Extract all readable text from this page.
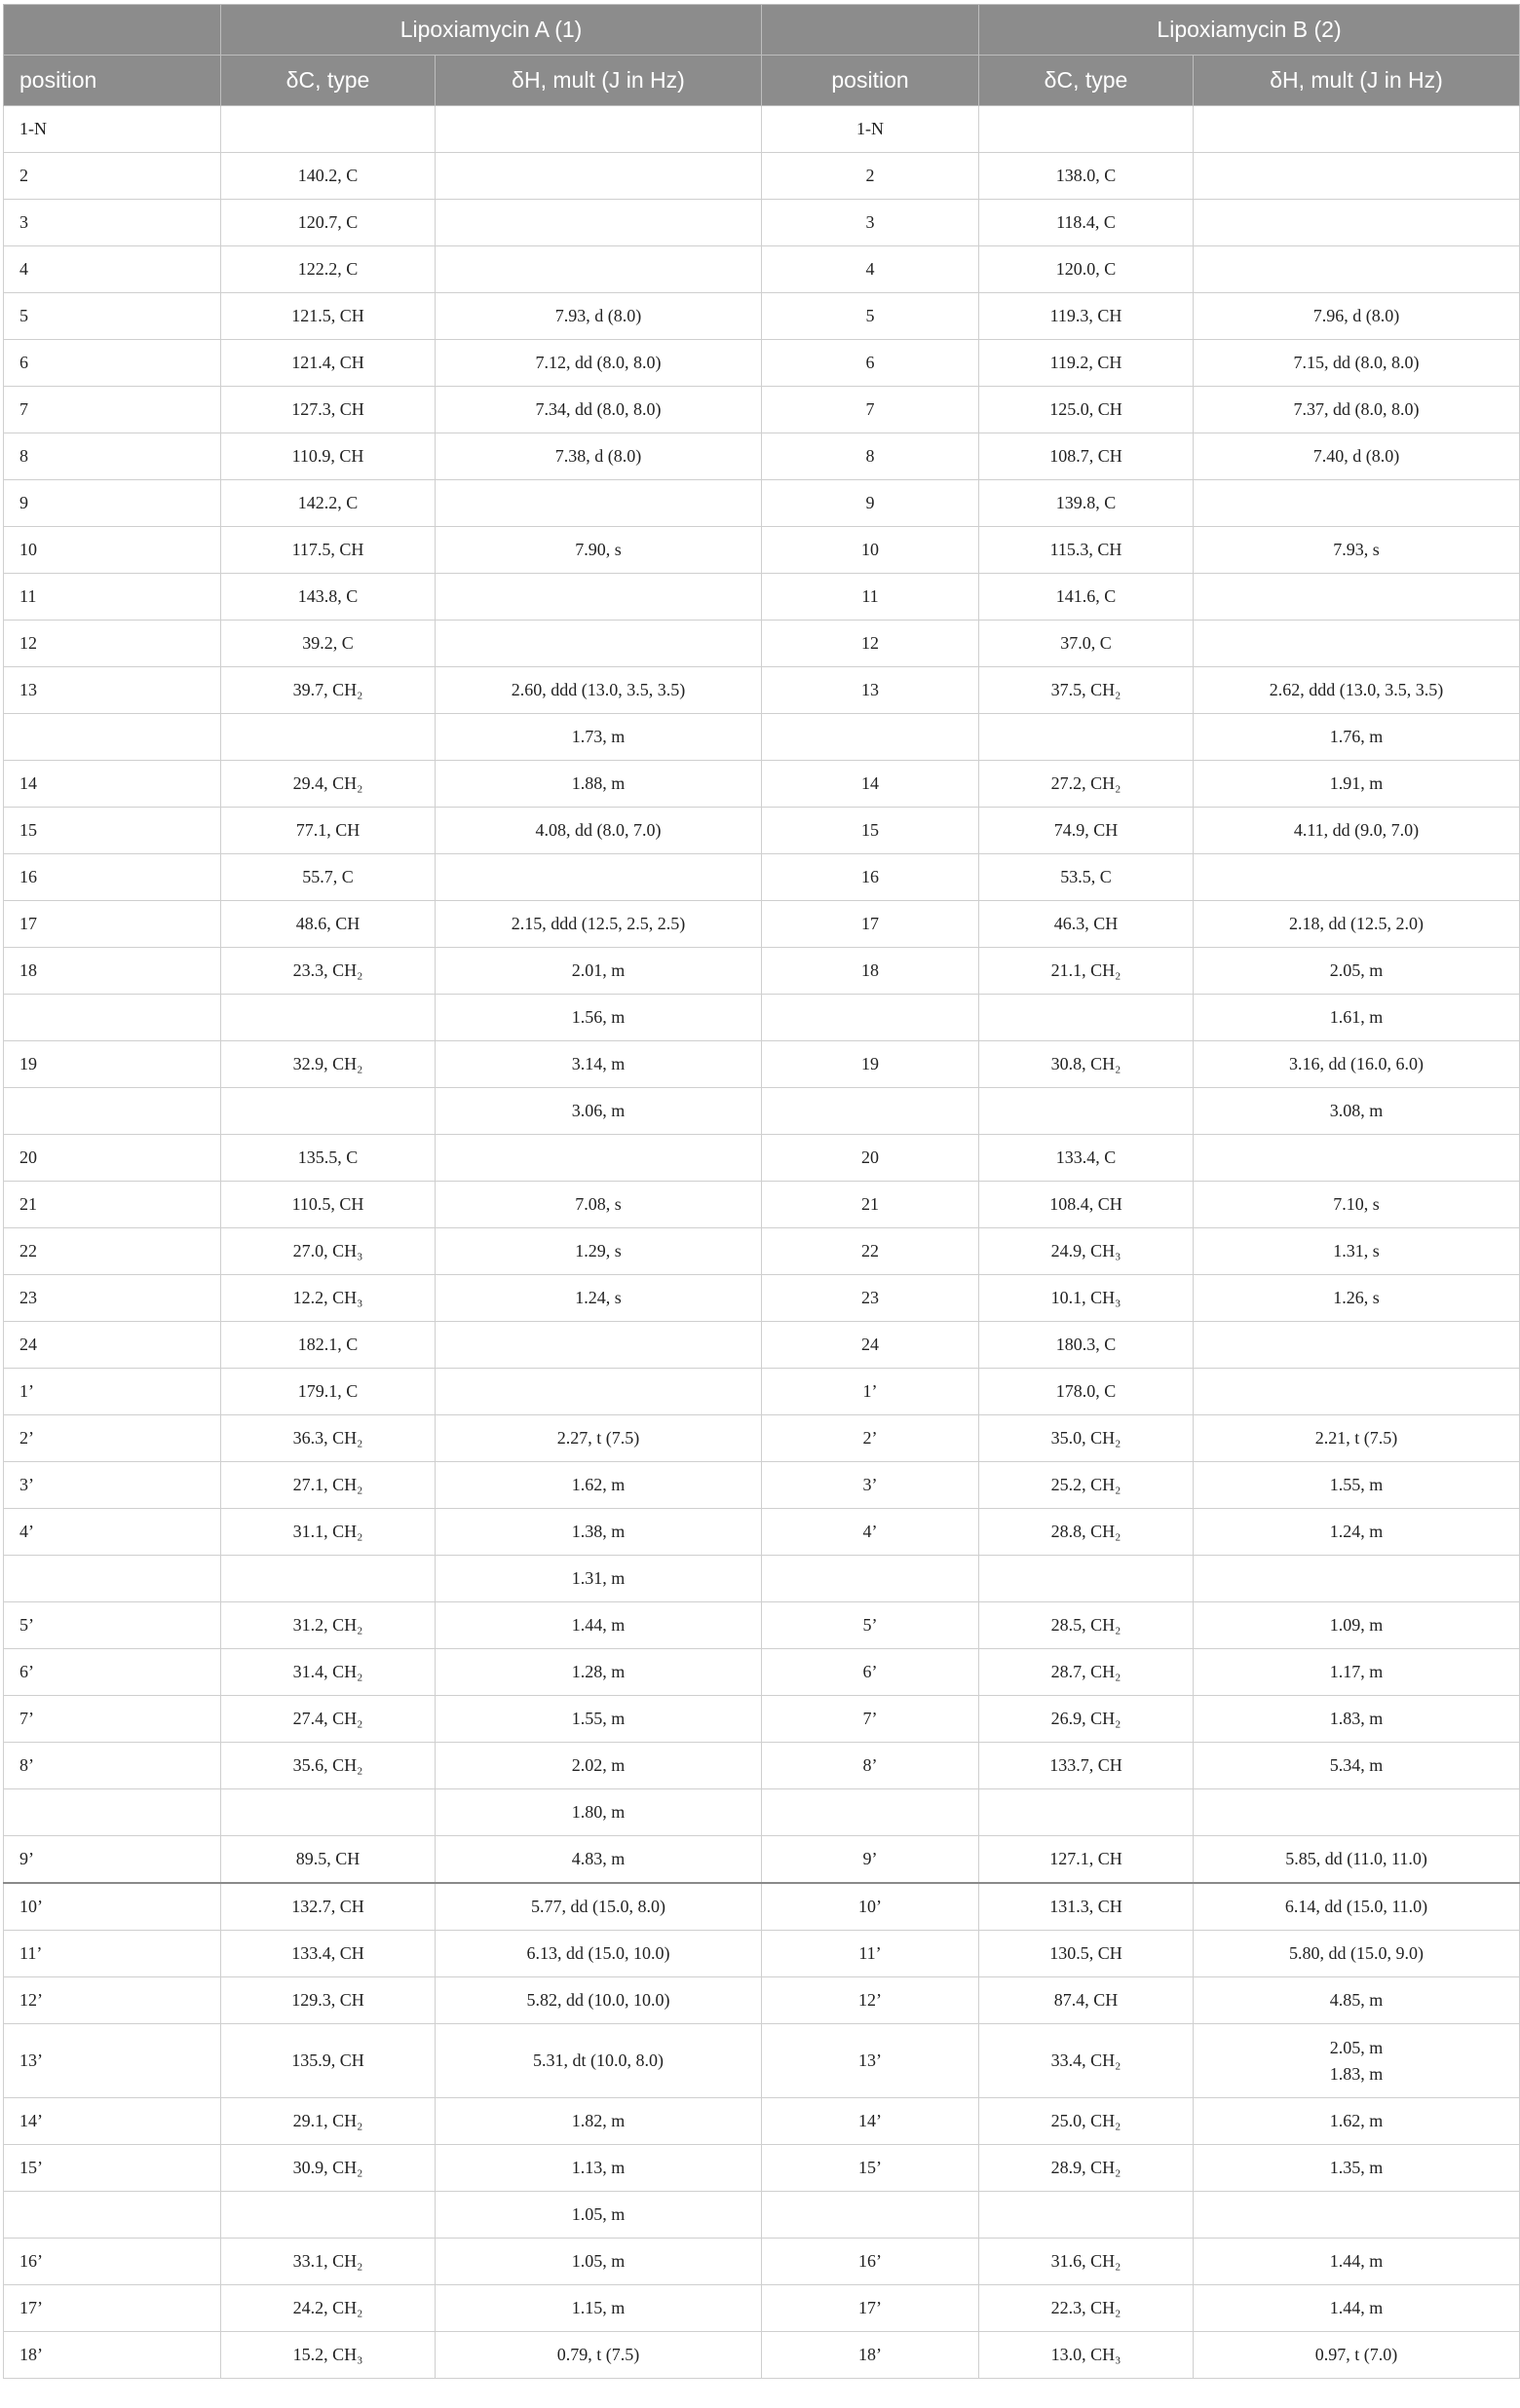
	Lipoxiamycin A (1)			Lipoxiamycin B (2)	
position	δC, type	δH, mult (J in Hz)	position	δC, type	δH, mult (J in Hz)
1-N			1-N		
2	140.2, C		2	138.0, C	
3	120.7, C		3	118.4, C	
4	122.2, C		4	120.0, C	
5	121.5, CH	7.93, d (8.0)	5	119.3, CH	7.96, d (8.0)
6	121.4, CH	7.12, dd (8.0, 8.0)	6	119.2, CH	7.15, dd (8.0, 8.0)
7	127.3, CH	7.34, dd (8.0, 8.0)	7	125.0, CH	7.37, dd (8.0, 8.0)
8	110.9, CH	7.38, d (8.0)	8	108.7, CH	7.40, d (8.0)
9	142.2, C		9	139.8, C	
10	117.5, CH	7.90, s	10	115.3, CH	7.93, s
11	143.8, C		11	141.6, C	
12	39.2, C		12	37.0, C	
13	39.7, CH₂	2.60, ddd (13.0, 3.5, 3.5)	13	37.5, CH₂	2.62, ddd (13.0, 3.5, 3.5)
		1.73, m			1.76, m
14	29.4, CH₂	1.88, m	14	27.2, CH₂	1.91, m
15	77.1, CH	4.08, dd (8.0, 7.0)	15	74.9, CH	4.11, dd (9.0, 7.0)
16	55.7, C		16	53.5, C	
17	48.6, CH	2.15, ddd (12.5, 2.5, 2.5)	17	46.3, CH	2.18, dd (12.5, 2.0)
18	23.3, CH₂	2.01, m	18	21.1, CH₂	2.05, m
		1.56, m			1.61, m
19	32.9, CH₂	3.14, m	19	30.8, CH₂	3.16, dd (16.0, 6.0)
		3.06, m			3.08, m
20	135.5, C		20	133.4, C	
21	110.5, CH	7.08, s	21	108.4, CH	7.10, s
22	27.0, CH₃	1.29, s	22	24.9, CH₃	1.31, s
23	12.2, CH₃	1.24, s	23	10.1, CH₃	1.26, s
24	182.1, C		24	180.3, C	
1’	179.1, C		1’	178.0, C	
2’	36.3, CH₂	2.27, t (7.5)	2’	35.0, CH₂	2.21, t (7.5)
3’	27.1, CH₂	1.62, m	3’	25.2, CH₂	1.55, m
4’	31.1, CH₂	1.38, m	4’	28.8, CH₂	1.24, m
		1.31, m			
5’	31.2, CH₂	1.44, m	5’	28.5, CH₂	1.09, m
6’	31.4, CH₂	1.28, m	6’	28.7, CH₂	1.17, m
7’	27.4, CH₂	1.55, m	7’	26.9, CH₂	1.83, m
8’	35.6, CH₂	2.02, m	8’	133.7, CH	5.34, m
		1.80, m			
9’	89.5, CH	4.83, m	9’	127.1, CH	5.85, dd (11.0, 11.0)
10’	132.7, CH	5.77, dd (15.0, 8.0)	10’	131.3, CH	6.14, dd (15.0, 11.0)
11’	133.4, CH	6.13, dd (15.0, 10.0)	11’	130.5, CH	5.80, dd (15.0, 9.0)
12’	129.3, CH	5.82, dd (10.0, 10.0)	12’	87.4, CH	4.85, m
13’	135.9, CH	5.31, dt (10.0, 8.0)	13’	33.4, CH₂	2.05, m
1.83, m
14’	29.1, CH₂	1.82, m	14’	25.0, CH₂	1.62, m
15’	30.9, CH₂	1.13, m	15’	28.9, CH₂	1.35, m
		1.05, m			
16’	33.1, CH₂	1.05, m	16’	31.6, CH₂	1.44, m
17’	24.2, CH₂	1.15, m	17’	22.3, CH₂	1.44, m
18’	15.2, CH₃	0.79, t (7.5)	18’	13.0, CH₃	0.97, t (7.0)
